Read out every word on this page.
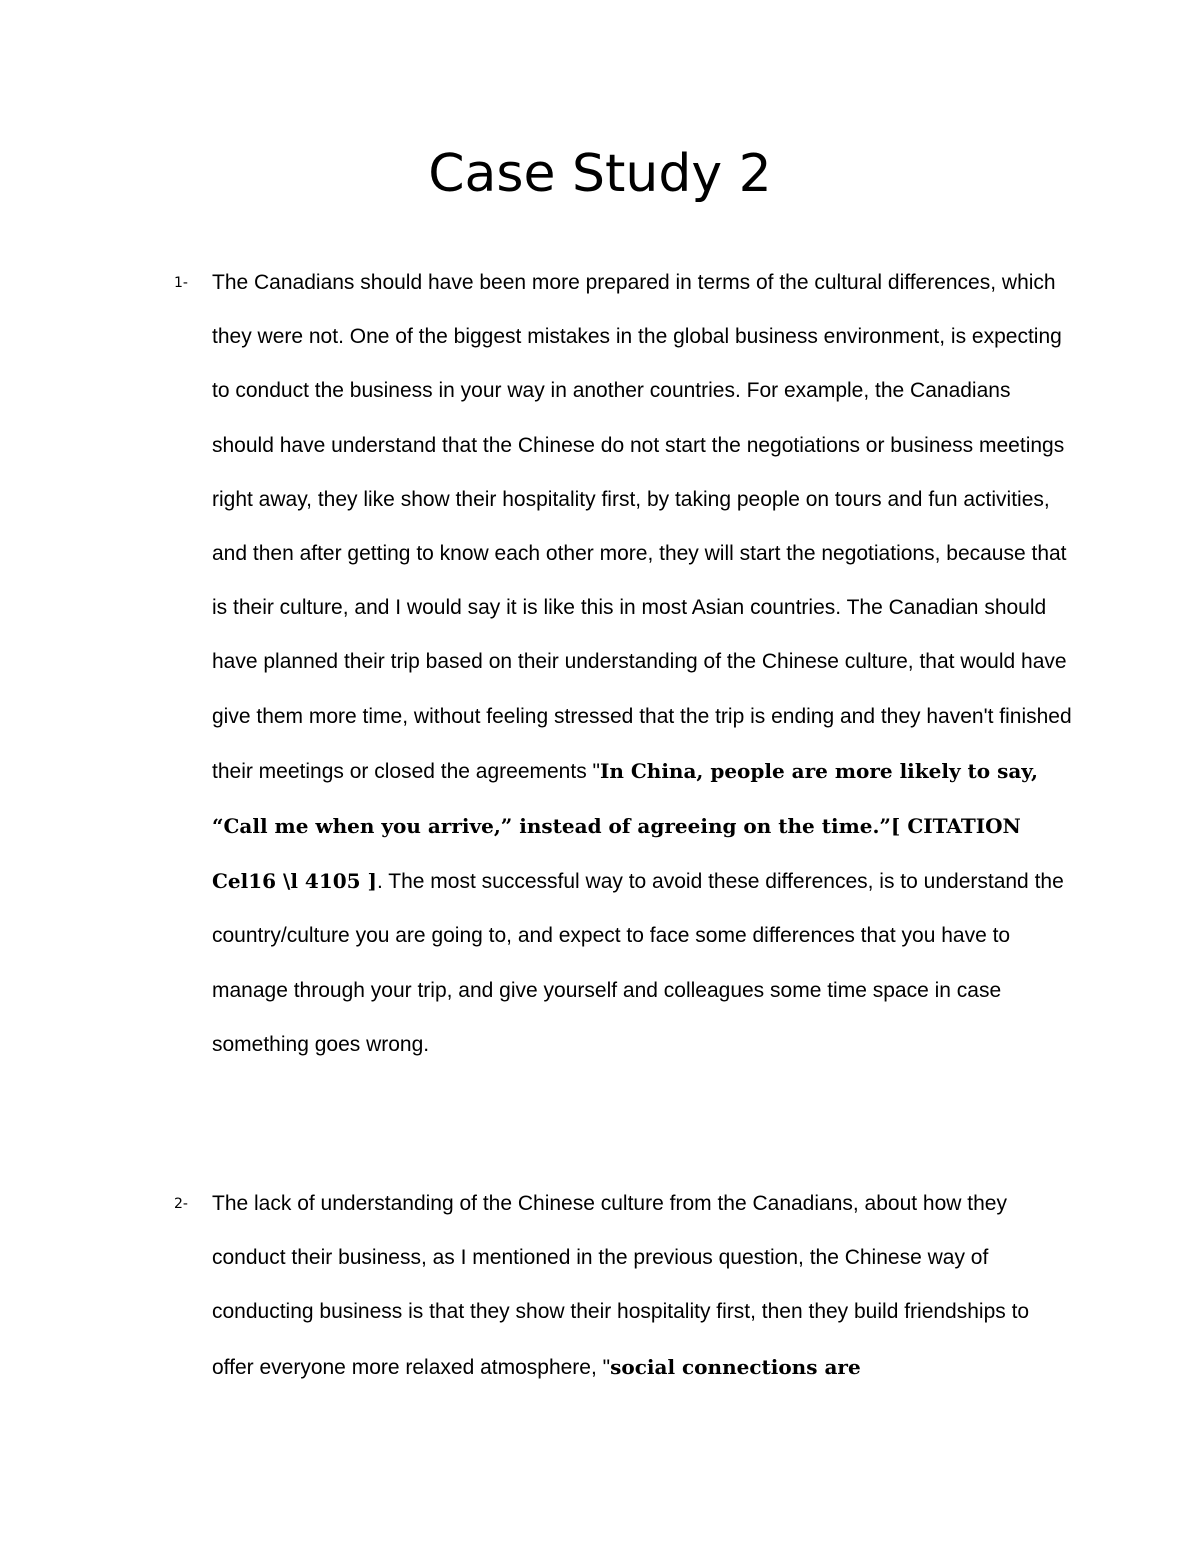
Case Study 2
1- The Canadians should have been more prepared in terms of the cultural differences, which they were not. One of the biggest mistakes in the global business environment, is expecting to conduct the business in your way in another countries. For example, the Canadians should have understand that the Chinese do not start the negotiations or business meetings right away, they like show their hospitality first, by taking people on tours and fun activities, and then after getting to know each other more, they will start the negotiations, because that is their culture, and I would say it is like this in most Asian countries. The Canadian should have planned their trip based on their understanding of the Chinese culture, that would have give them more time, without feeling stressed that the trip is ending and they haven't finished their meetings or closed the agreements "In China, people are more likely to say, “Call me when you arrive,” instead of agreeing on the time.”[ CITATION Cel16 \l 4105 ]. The most successful way to avoid these differences, is to understand the country/culture you are going to, and expect to face some differences that you have to manage through your trip, and give yourself and colleagues some time space in case something goes wrong.

2- The lack of understanding of the Chinese culture from the Canadians, about how they conduct their business, as I mentioned in the previous question, the Chinese way of conducting business is that they show their hospitality first, then they build friendships to offer everyone more relaxed atmosphere, "social connections are
